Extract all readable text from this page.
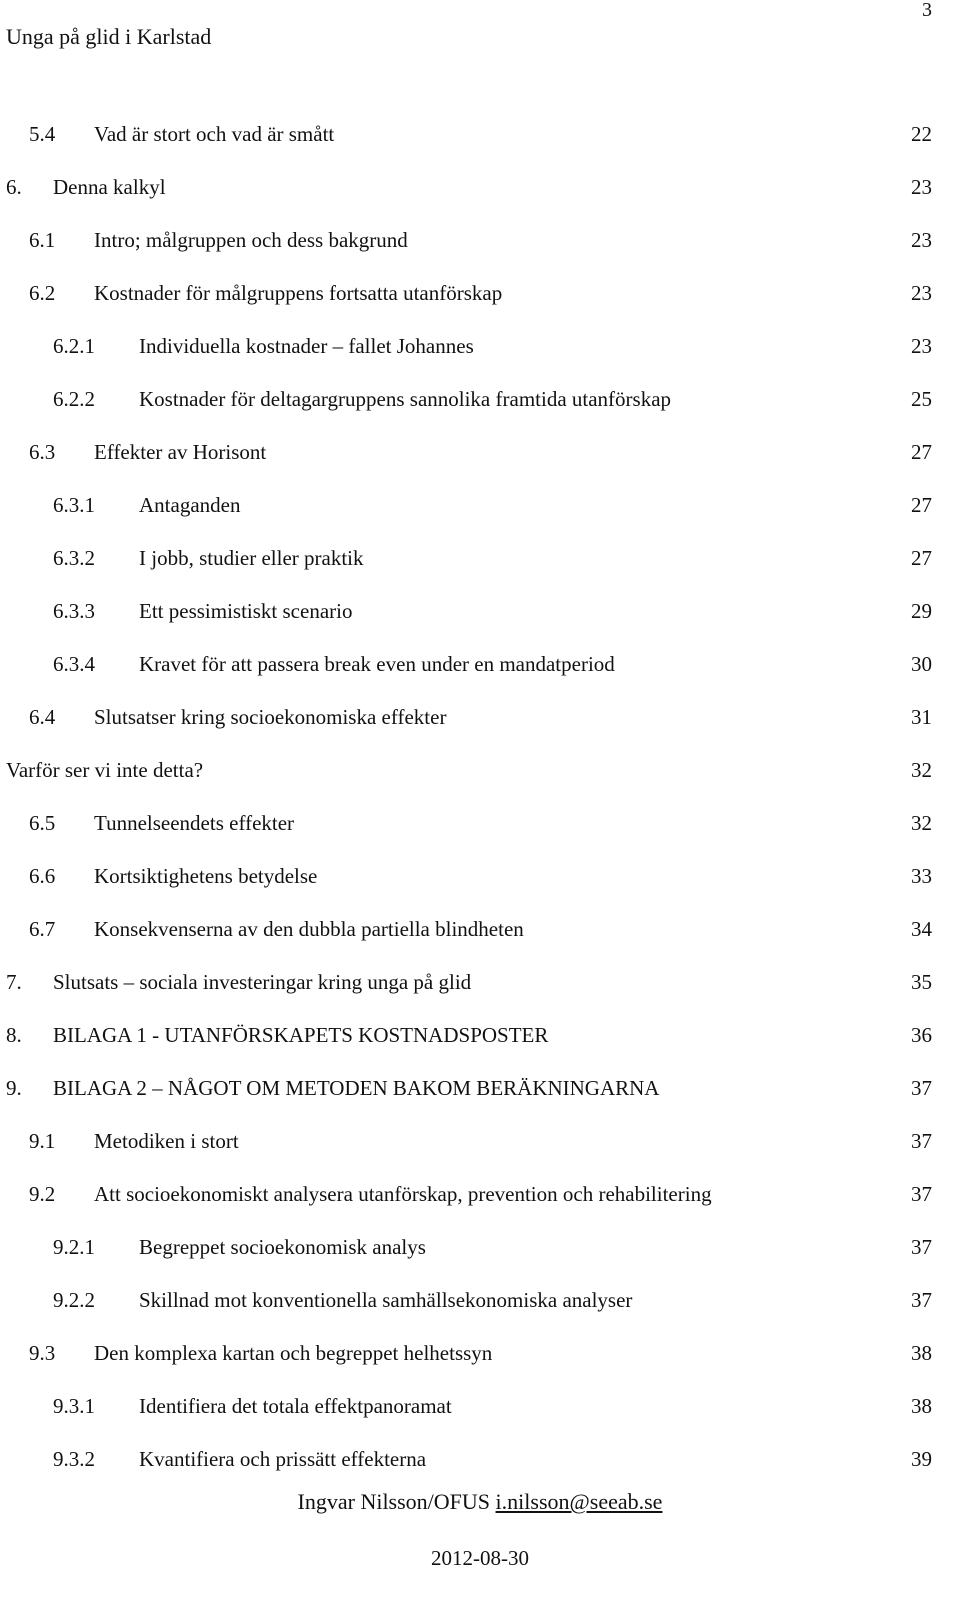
3
Unga på glid i Karlstad
5.4 Vad är stort och vad är smått	22
6. Denna kalkyl	23
6.1 Intro; målgruppen och dess bakgrund	23
6.2 Kostnader för målgruppens fortsatta utanförskap	23
6.2.1 Individuella kostnader – fallet Johannes	23
6.2.2 Kostnader för deltagargruppens sannolika framtida utanförskap	25
6.3 Effekter av Horisont	27
6.3.1 Antaganden	27
6.3.2 I jobb, studier eller praktik	27
6.3.3 Ett pessimistiskt scenario	29
6.3.4 Kravet för att passera break even under en mandatperiod	30
6.4 Slutsatser kring socioekonomiska effekter	31
Varför ser vi inte detta?	32
6.5 Tunnelseendets effekter	32
6.6 Kortsiktighetens betydelse	33
6.7 Konsekvenserna av den dubbla partiella blindheten	34
7. Slutsats – sociala investeringar kring unga på glid	35
8. BILAGA 1 - UTANFÖRSKAPETS KOSTNADSPOSTER	36
9. BILAGA 2 – NÅGOT OM METODEN BAKOM BERÄKNINGARNA	37
9.1 Metodiken i stort	37
9.2 Att socioekonomiskt analysera utanförskap, prevention och rehabilitering	37
9.2.1 Begreppet socioekonomisk analys	37
9.2.2 Skillnad mot konventionella samhällsekonomiska analyser	37
9.3 Den komplexa kartan och begreppet helhetssyn	38
9.3.1 Identifiera det totala effektpanoramat	38
9.3.2 Kvantifiera och prissätt effekterna	39
Ingvar Nilsson/OFUS i.nilsson@seeab.se
2012-08-30
